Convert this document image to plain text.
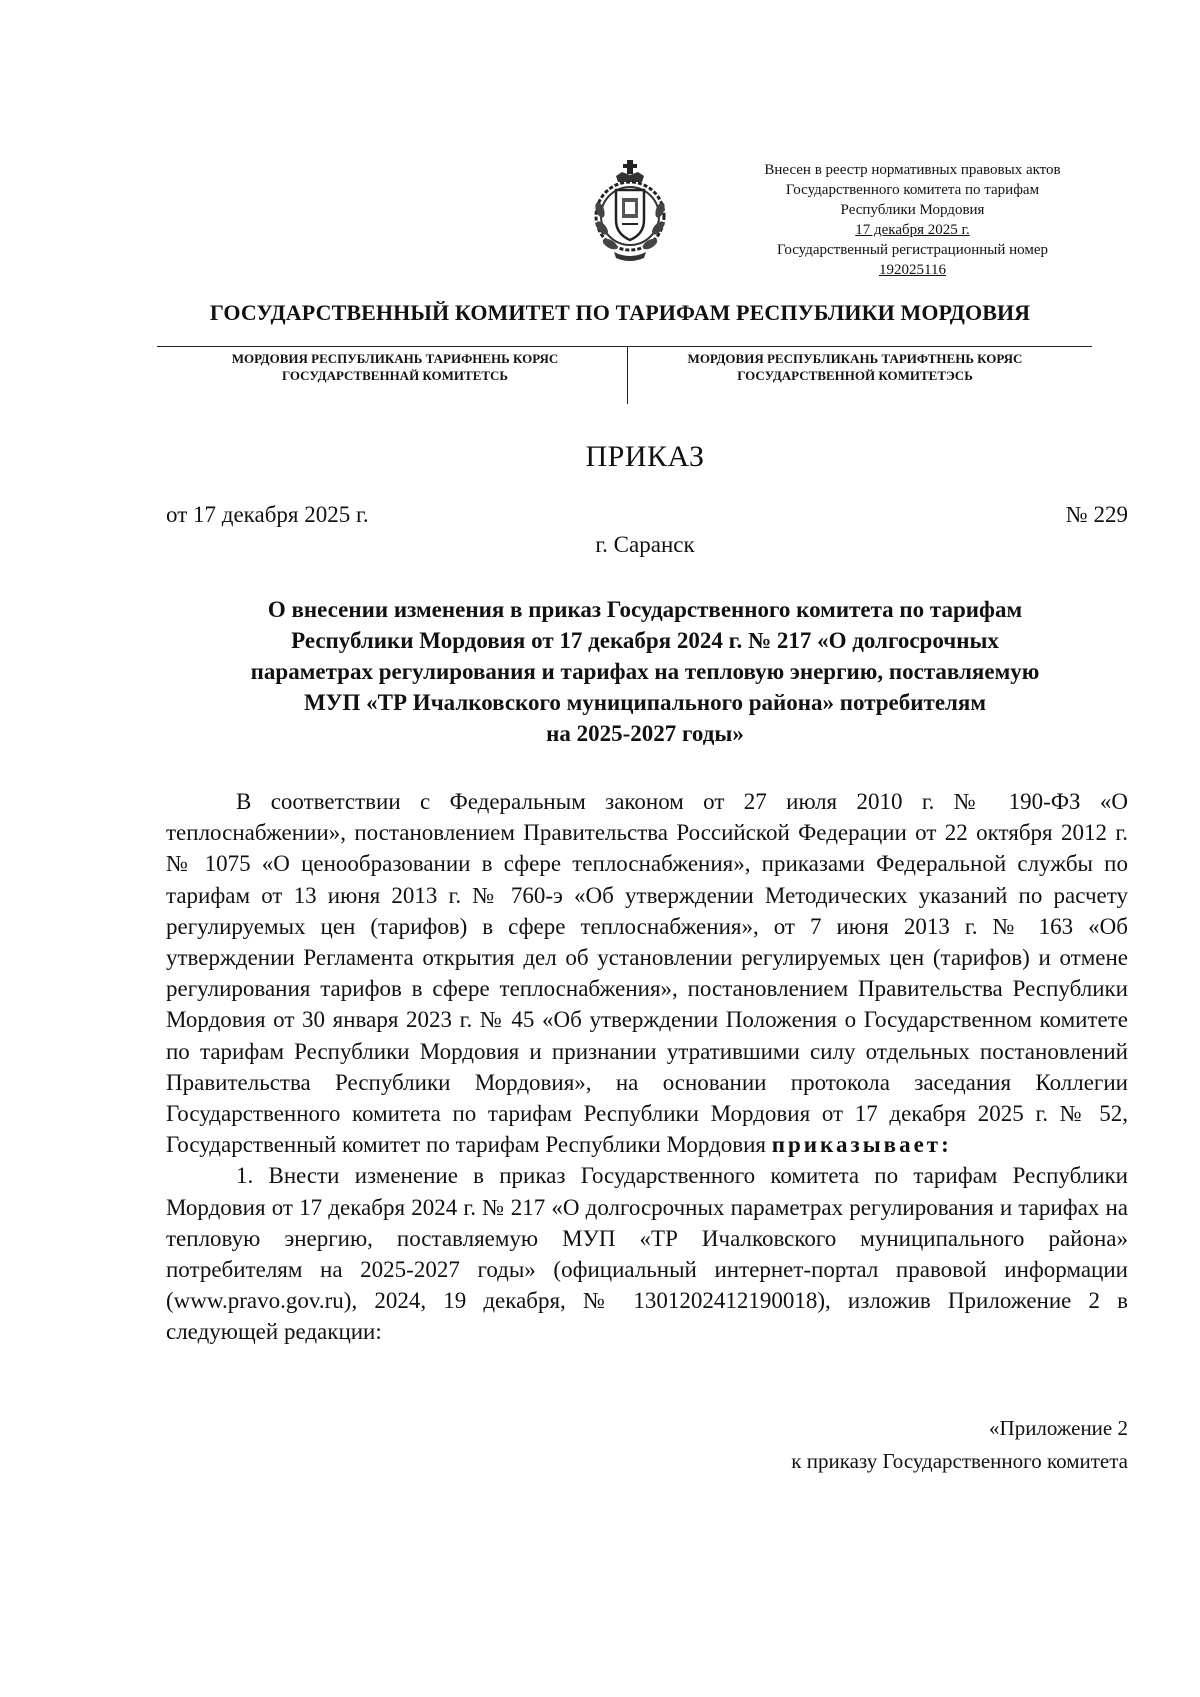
Внесен в реестр нормативных правовых актов
Государственного комитета по тарифам
Республики Мордовия
17 декабря 2025 г.
Государственный регистрационный номер
192025116
ГОСУДАРСТВЕННЫЙ КОМИТЕТ ПО ТАРИФАМ РЕСПУБЛИКИ МОРДОВИЯ
МОРДОВИЯ РЕСПУБЛИКАНЬ ТАРИФНЕНЬ КОРЯС
ГОСУДАРСТВЕННАЙ КОМИТЕТСЬ
МОРДОВИЯ РЕСПУБЛИКАНЬ ТАРИФТНЕНЬ КОРЯС
ГОСУДАРСТВЕННОЙ КОМИТЕТЭСЬ
ПРИКАЗ
от 17 декабря 2025 г.	№ 229
г. Саранск
О внесении изменения в приказ Государственного комитета по тарифам
Республики Мордовия от 17 декабря 2024 г. № 217 «О долгосрочных
параметрах регулирования и тарифах на тепловую энергию, поставляемую
МУП «ТР Ичалковского муниципального района» потребителям
на 2025-2027 годы»

В соответствии с Федеральным законом от 27 июля 2010 г. № 190-ФЗ «О теплоснабжении», постановлением Правительства Российской Федерации от 22 октября 2012 г. № 1075 «О ценообразовании в сфере теплоснабжения», приказами Федеральной службы по тарифам от 13 июня 2013 г. № 760-э «Об утверждении Методических указаний по расчету регулируемых цен (тарифов) в сфере теплоснабжения», от 7 июня 2013 г. № 163 «Об утверждении Регламента открытия дел об установлении регулируемых цен (тарифов) и отмене регулирования тарифов в сфере теплоснабжения», постановлением Правительства Республики Мордовия от 30 января 2023 г. № 45 «Об утверждении Положения о Государственном комитете по тарифам Республики Мордовия и признании утратившими силу отдельных постановлений Правительства Республики Мордовия», на основании протокола заседания Коллегии Государственного комитета по тарифам Республики Мордовия от 17 декабря 2025 г. № 52, Государственный комитет по тарифам Республики Мордовия приказывает:

1. Внести изменение в приказ Государственного комитета по тарифам Республики Мордовия от 17 декабря 2024 г. № 217 «О долгосрочных параметрах регулирования и тарифах на тепловую энергию, поставляемую МУП «ТР Ичалковского муниципального района» потребителям на 2025-2027 годы» (официальный интернет-портал правовой информации (www.pravo.gov.ru), 2024, 19 декабря, № 1301202412190018), изложив Приложение 2 в следующей редакции:

«Приложение 2
к приказу Государственного комитета
